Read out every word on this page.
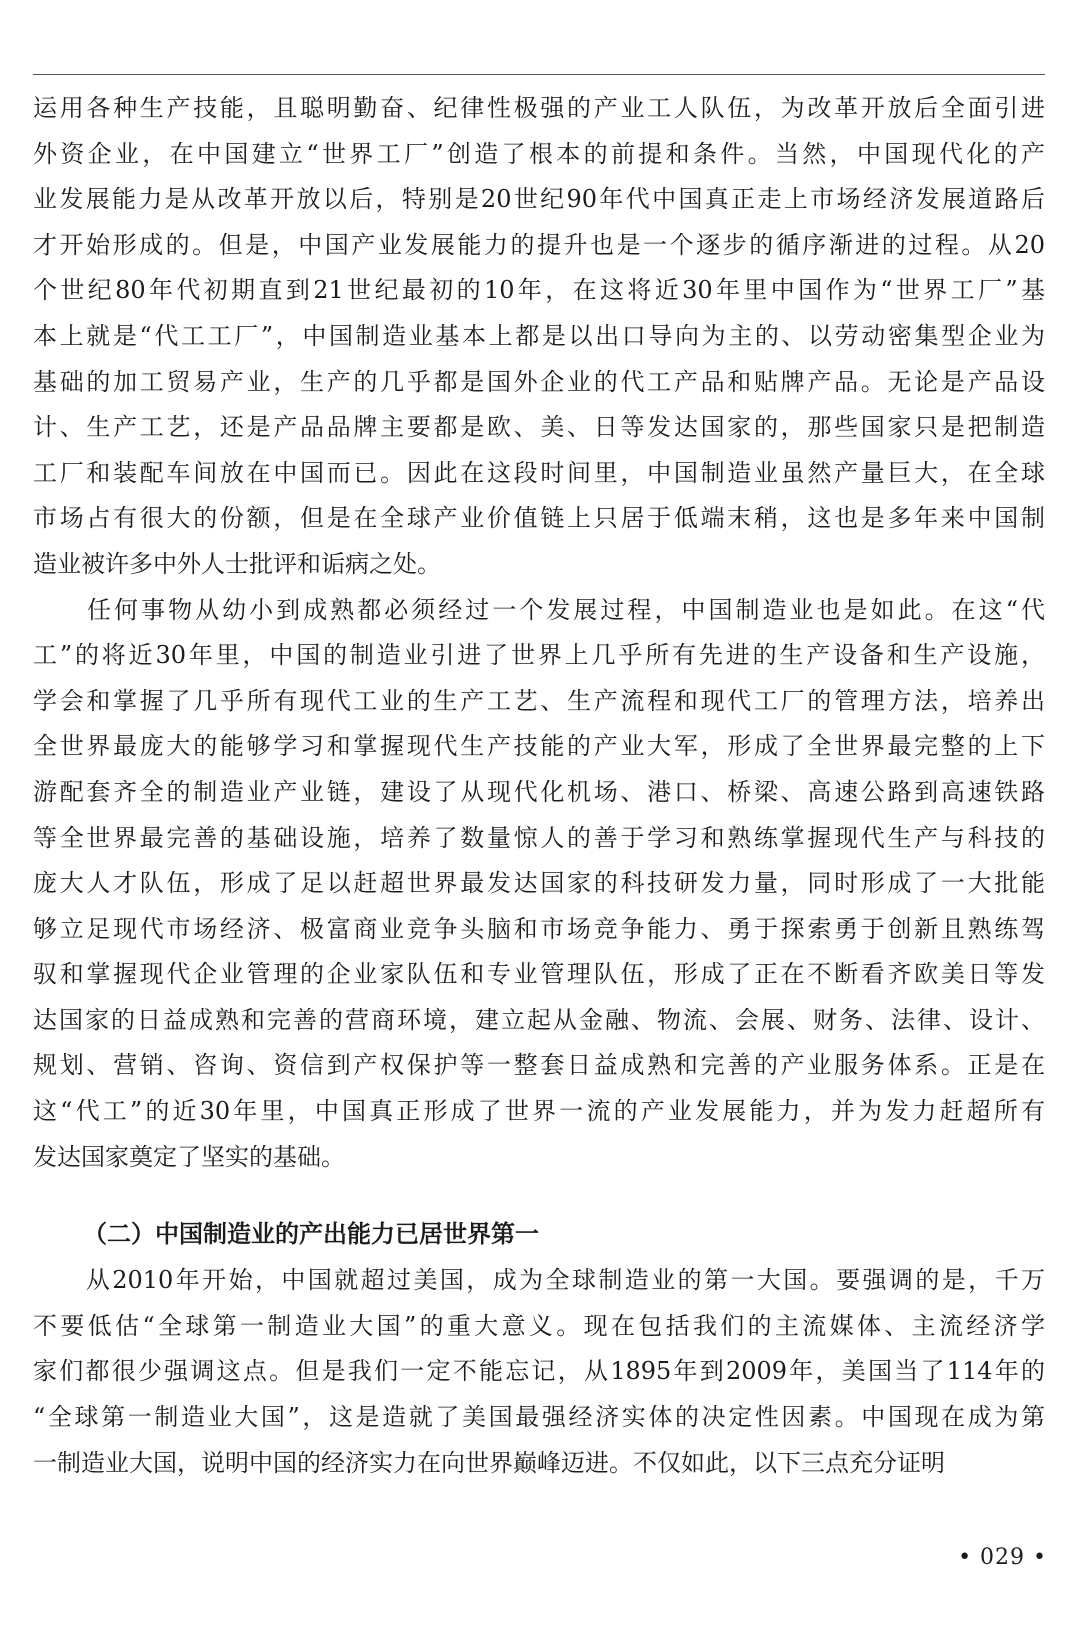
运用各种生产技能，且聪明勤奋、纪律性极强的产业工人队伍，为改革开放后全面引进
外资企业，在中国建立“世界工厂”创造了根本的前提和条件。当然，中国现代化的产
业发展能力是从改革开放以后，特别是20世纪90年代中国真正走上市场经济发展道路后
才开始形成的。但是，中国产业发展能力的提升也是一个逐步的循序渐进的过程。从20
个世纪80年代初期直到21世纪最初的10年，在这将近30年里中国作为“世界工厂”基
本上就是“代工工厂”，中国制造业基本上都是以出口导向为主的、以劳动密集型企业为
基础的加工贸易产业，生产的几乎都是国外企业的代工产品和贴牌产品。无论是产品设
计、生产工艺，还是产品品牌主要都是欧、美、日等发达国家的，那些国家只是把制造
工厂和装配车间放在中国而已。因此在这段时间里，中国制造业虽然产量巨大，在全球
市场占有很大的份额，但是在全球产业价值链上只居于低端末稍，这也是多年来中国制
造业被许多中外人士批评和诟病之处。
　　任何事物从幼小到成熟都必须经过一个发展过程，中国制造业也是如此。在这“代
工”的将近30年里，中国的制造业引进了世界上几乎所有先进的生产设备和生产设施，
学会和掌握了几乎所有现代工业的生产工艺、生产流程和现代工厂的管理方法，培养出
全世界最庞大的能够学习和掌握现代生产技能的产业大军，形成了全世界最完整的上下
游配套齐全的制造业产业链，建设了从现代化机场、港口、桥梁、高速公路到高速铁路
等全世界最完善的基础设施，培养了数量惊人的善于学习和熟练掌握现代生产与科技的
庞大人才队伍，形成了足以赶超世界最发达国家的科技研发力量，同时形成了一大批能
够立足现代市场经济、极富商业竞争头脑和市场竞争能力、勇于探索勇于创新且熟练驾
驭和掌握现代企业管理的企业家队伍和专业管理队伍，形成了正在不断看齐欧美日等发
达国家的日益成熟和完善的营商环境，建立起从金融、物流、会展、财务、法律、设计、
规划、营销、咨询、资信到产权保护等一整套日益成熟和完善的产业服务体系。正是在
这“代工”的近30年里，中国真正形成了世界一流的产业发展能力，并为发力赶超所有
发达国家奠定了坚实的基础。
（二）中国制造业的产出能力已居世界第一
　　从2010年开始，中国就超过美国，成为全球制造业的第一大国。要强调的是，千万
不要低估“全球第一制造业大国”的重大意义。现在包括我们的主流媒体、主流经济学
家们都很少强调这点。但是我们一定不能忘记，从1895年到2009年，美国当了114年的
“全球第一制造业大国”，这是造就了美国最强经济实体的决定性因素。中国现在成为第
一制造业大国，说明中国的经济实力在向世界巅峰迈进。不仅如此，以下三点充分证明
• 029 •
